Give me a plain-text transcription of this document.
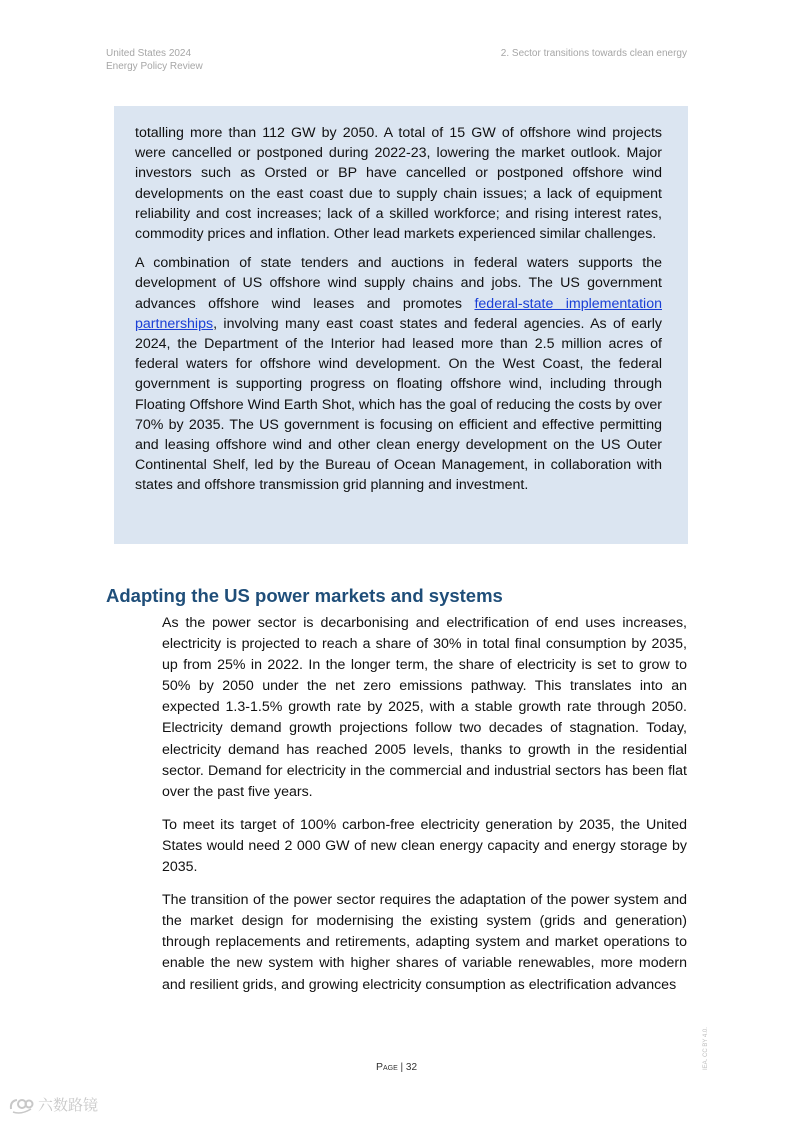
United States 2024
Energy Policy Review
2. Sector transitions towards clean energy

totalling more than 112 GW by 2050. A total of 15 GW of offshore wind projects were cancelled or postponed during 2022-23, lowering the market outlook. Major investors such as Orsted or BP have cancelled or postponed offshore wind developments on the east coast due to supply chain issues; a lack of equipment reliability and cost increases; lack of a skilled workforce; and rising interest rates, commodity prices and inflation. Other lead markets experienced similar challenges.

A combination of state tenders and auctions in federal waters supports the development of US offshore wind supply chains and jobs. The US government advances offshore wind leases and promotes federal-state implementation partnerships, involving many east coast states and federal agencies. As of early 2024, the Department of the Interior had leased more than 2.5 million acres of federal waters for offshore wind development. On the West Coast, the federal government is supporting progress on floating offshore wind, including through Floating Offshore Wind Earth Shot, which has the goal of reducing the costs by over 70% by 2035. The US government is focusing on efficient and effective permitting and leasing offshore wind and other clean energy development on the US Outer Continental Shelf, led by the Bureau of Ocean Management, in collaboration with states and offshore transmission grid planning and investment.

Adapting the US power markets and systems

As the power sector is decarbonising and electrification of end uses increases, electricity is projected to reach a share of 30% in total final consumption by 2035, up from 25% in 2022. In the longer term, the share of electricity is set to grow to 50% by 2050 under the net zero emissions pathway. This translates into an expected 1.3-1.5% growth rate by 2025, with a stable growth rate through 2050. Electricity demand growth projections follow two decades of stagnation. Today, electricity demand has reached 2005 levels, thanks to growth in the residential sector. Demand for electricity in the commercial and industrial sectors has been flat over the past five years.

To meet its target of 100% carbon-free electricity generation by 2035, the United States would need 2 000 GW of new clean energy capacity and energy storage by 2035.

The transition of the power sector requires the adaptation of the power system and the market design for modernising the existing system (grids and generation) through replacements and retirements, adapting system and market operations to enable the new system with higher shares of variable renewables, more modern and resilient grids, and growing electricity consumption as electrification advances

Page | 32	IEA. CC BY 4.0.
六数路镜
